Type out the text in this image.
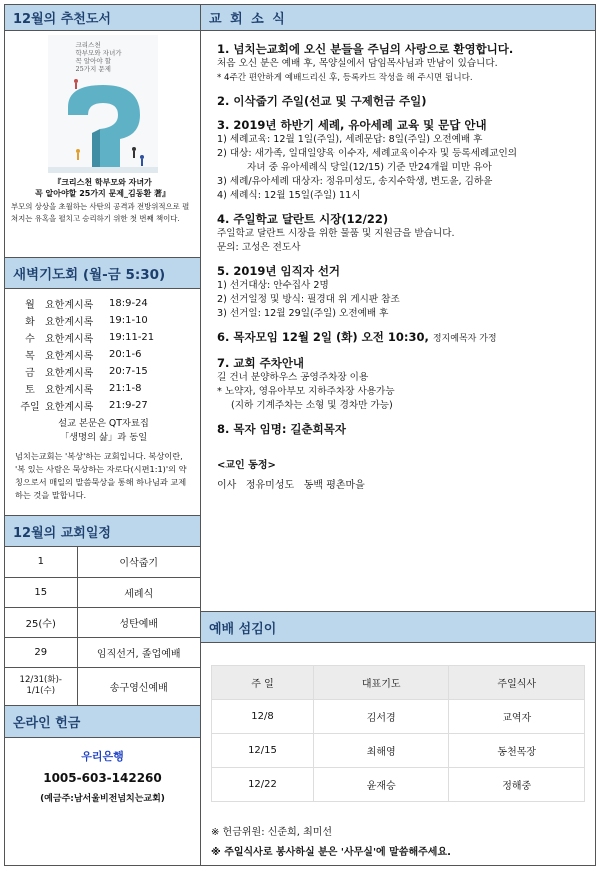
12월의 추천도서
크리스천
학부모와 자녀가
꼭 알아야 할
25가지 문제
『크리스천 학부모와 자녀가
꼭 알아야할 25가지 문제_김동환 著』
부모의 상상을 초월하는 사탄의 공격과 전방위적으로 펼쳐지는 유혹을 펼치고 승리하기 위한 첫 번째 책이다.
새벽기도회 (월-금 5:30)
월	요한계시록	18:9-24
화	요한계시록	19:1-10
수	요한계시록	19:11-21
목	요한계시록	20:1-6
금	요한계시록	20:7-15
토	요한계시록	21:1-8
주일 요한계시록	21:9-27
설교 본문은 QT자료집
「생명의 삶」과 동일
넘치는교회는 '복상'하는 교회입니다. 복상이란, '복 있는 사람은 묵상하는 자로다(시편1:1)'의 약칭으로서 매일의 말씀묵상을 통해 하나님과 교제하는 것을 말합니다.
12월의 교회일정
1	이삭줍기
15	세례식
25(수)	성탄예배
29	임직선거, 졸업예배

12/31(화)-
1/1(수)	송구영신예배
온라인 헌금
우리은행
1005-603-142260
(예금주:남서울비전넘치는교회)
교 회 소 식
1. 넘치는교회에 오신 분들을 주님의 사랑으로 환영합니다.
처음 오신 분은 예배 후, 목양실에서 담임목사님과 만남이 있습니다.
* 4주간 편안하게 예배드리신 후, 등록카드 작성을 해 주시면 됩니다.
2. 이삭줍기 주일(선교 및 구제헌금 주일)
3. 2019년 하반기 세례, 유아세례 교육 및 문답 안내
1) 세례교육: 12월 1일(주일), 세례문답: 8일(주일) 오전예배 후
2) 대상: 새가족, 일대일양육 이수자, 세례교육이수자 및 등록세례교인의
자녀 중 유아세례식 당일(12/15) 기준 만24개월 미만 유아
3) 세례/유아세례 대상자: 정유미성도, 송지수학생, 변도윤, 김하윤
4) 세례식: 12월 15일(주일) 11시
4. 주일학교 달란트 시장(12/22)
주일학교 달란트 시장을 위한 물품 및 지원금을 받습니다.
문의: 고성은 전도사
5. 2019년 임직자 선거
1) 선거대상: 안수집사 2명
2) 선거일정 및 방식: 필경대 위 게시판 참조
3) 선거일: 12월 29일(주일) 오전예배 후
6. 목자모임 12월 2일 (화) 오전 10:30, 정지예목자 가정
7. 교회 주차안내
길 건너 분양하우스 공영주차장 이용
* 노약자, 영유아부모 지하주차장 사용가능
(지하 기계주차는 소형 및 경차만 가능)
8. 목자 임명: 길춘희목자
<교인 동정>
이사   정유미성도   동백 평촌마을
예배 섬김이
주 일	대표기도	주일식사
12/8	김서경	교역자
12/15	최해영	동천목장
12/22	윤재승	정해중
※ 헌금위원: 신준희, 최미선
※ 주일식사로 봉사하실 분은 '사무실'에 말씀해주세요.
